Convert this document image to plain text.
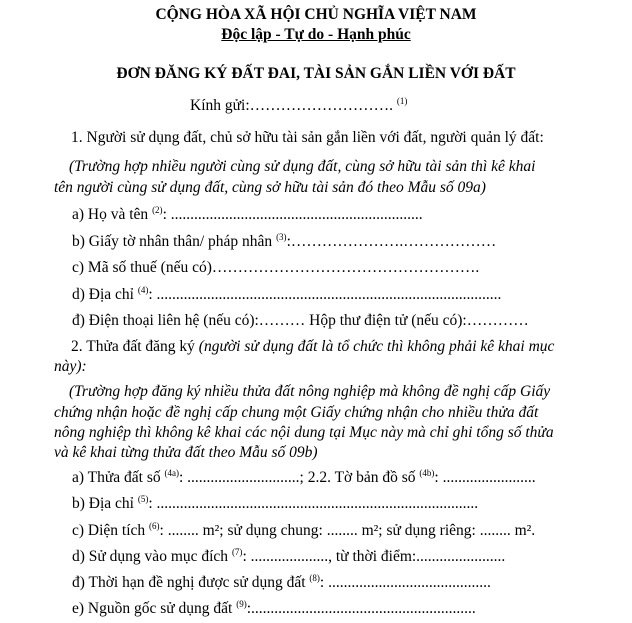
CỘNG HÒA XÃ HỘI CHỦ NGHĨA VIỆT NAM
Độc lập - Tự do - Hạnh phúc
ĐƠN ĐĂNG KÝ ĐẤT ĐAI, TÀI SẢN GẮN LIỀN VỚI ĐẤT
Kính gửi:………………………. $^{(1)}$
1. Người sử dụng đất, chủ sở hữu tài sản gắn liền với đất, người quản lý đất:
(Trường hợp nhiều người cùng sử dụng đất, cùng sở hữu tài sản thì kê khai
tên người cùng sử dụng đất, cùng sở hữu tài sản đó theo Mẫu số 09a)
a) Họ và tên $^{(2)}$: .................................................................
b) Giấy tờ nhân thân/ pháp nhân $^{(3)}$:………………….………………
c) Mã số thuế (nếu có)…………………………………………….
d) Địa chỉ $^{(4)}$: .........................................................................................
đ) Điện thoại liên hệ (nếu có):……… Hộp thư điện tử (nếu có):…………
2. Thửa đất đăng ký (người sử dụng đất là tổ chức thì không phải kê khai mục
này):
(Trường hợp đăng ký nhiều thửa đất nông nghiệp mà không đề nghị cấp Giấy
chứng nhận hoặc đề nghị cấp chung một Giấy chứng nhận cho nhiều thửa đất
nông nghiệp thì không kê khai các nội dung tại Mục này mà chỉ ghi tổng số thửa
và kê khai từng thửa đất theo Mẫu số 09b)
a) Thửa đất số $^{(4a)}$: .............................; 2.2. Tờ bản đồ số $^{(4b)}$: ........................
b) Địa chỉ $^{(5)}$: ...................................................................................
c) Diện tích $^{(6)}$: ........ m²; sử dụng chung: ........ m²; sử dụng riêng: ........ m².
d) Sử dụng vào mục đích $^{(7)}$: ...................., từ thời điểm:.......................
đ) Thời hạn đề nghị được sử dụng đất $^{(8)}$: ..........................................
e) Nguồn gốc sử dụng đất $^{(9)}$:..........................................................
